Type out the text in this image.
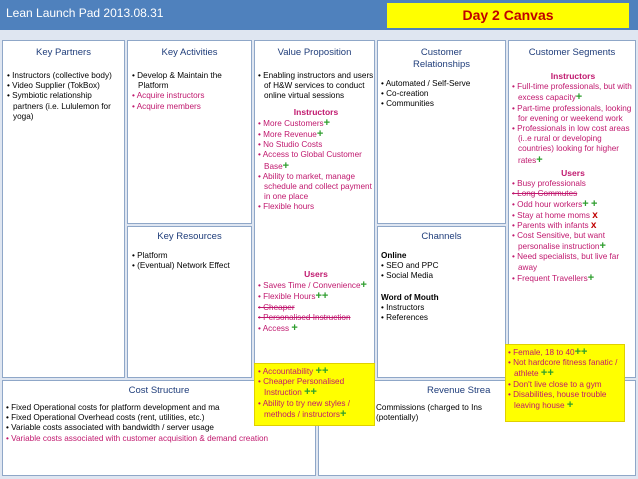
Lean Launch Pad 2013.08.31	Day 2 Canvas
Key Partners

• Instructors (collective body)

• Video Supplier (TokBox)

• Symbiotic relationship partners (i.e. Lululemon for yoga)

Key Activities

• Develop & Maintain the Platform

• Acquire instructors

• Acquire members

Key Resources

• Platform

• (Eventual) Network Effect

Value Proposition

• Enabling instructors and users of H&W services to conduct online virtual sessions

Instructors

• More Customers+

• More Revenue+

• No Studio Costs

• Access to Global Customer Base+

• Ability to market, manage schedule and collect payment in one place

• Flexible hours

Users

• Saves Time / Convenience+

• Flexible Hours++

• Cheaper

• Personalised Instruction

• Access +

• Accountability ++

• Cheaper Personalised Instruction ++

• Ability to try new styles / methods / instructors+

Customer Relationships

• Automated / Self-Serve

• Co-creation

• Communities

Channels

Online

• SEO and PPC

• Social Media

Word of Mouth

• Instructors

• References

Customer Segments
Instructors

• Full-time professionals, but with excess capacity+

• Part-time professionals, looking for evening or weekend work

• Professionals in low cost areas (i..e rural or developing countries) looking for higher rates+

Users

• Busy professionals

• Long Commutes

• Odd hour workers+ +

• Stay at home moms x

• Parents with infants x

• Cost Sensitive, but want personalise instruction+

• Need specialists, but live far away

• Frequent Travellers+

• Female, 18 to 40++

• Not hardcore fitness fanatic / athlete ++

• Don't live close to a gym

• Disabilities, house trouble leaving house +

Cost Structure

• Fixed Operational costs for platform development and ma

• Fixed Operational Overhead costs (rent, utilities, etc.)

• Variable costs associated with bandwidth / server usage

• Variable costs associated with customer acquisition & demand creation

Revenue Strea

Commissions (charged to Ins

(potentially)
